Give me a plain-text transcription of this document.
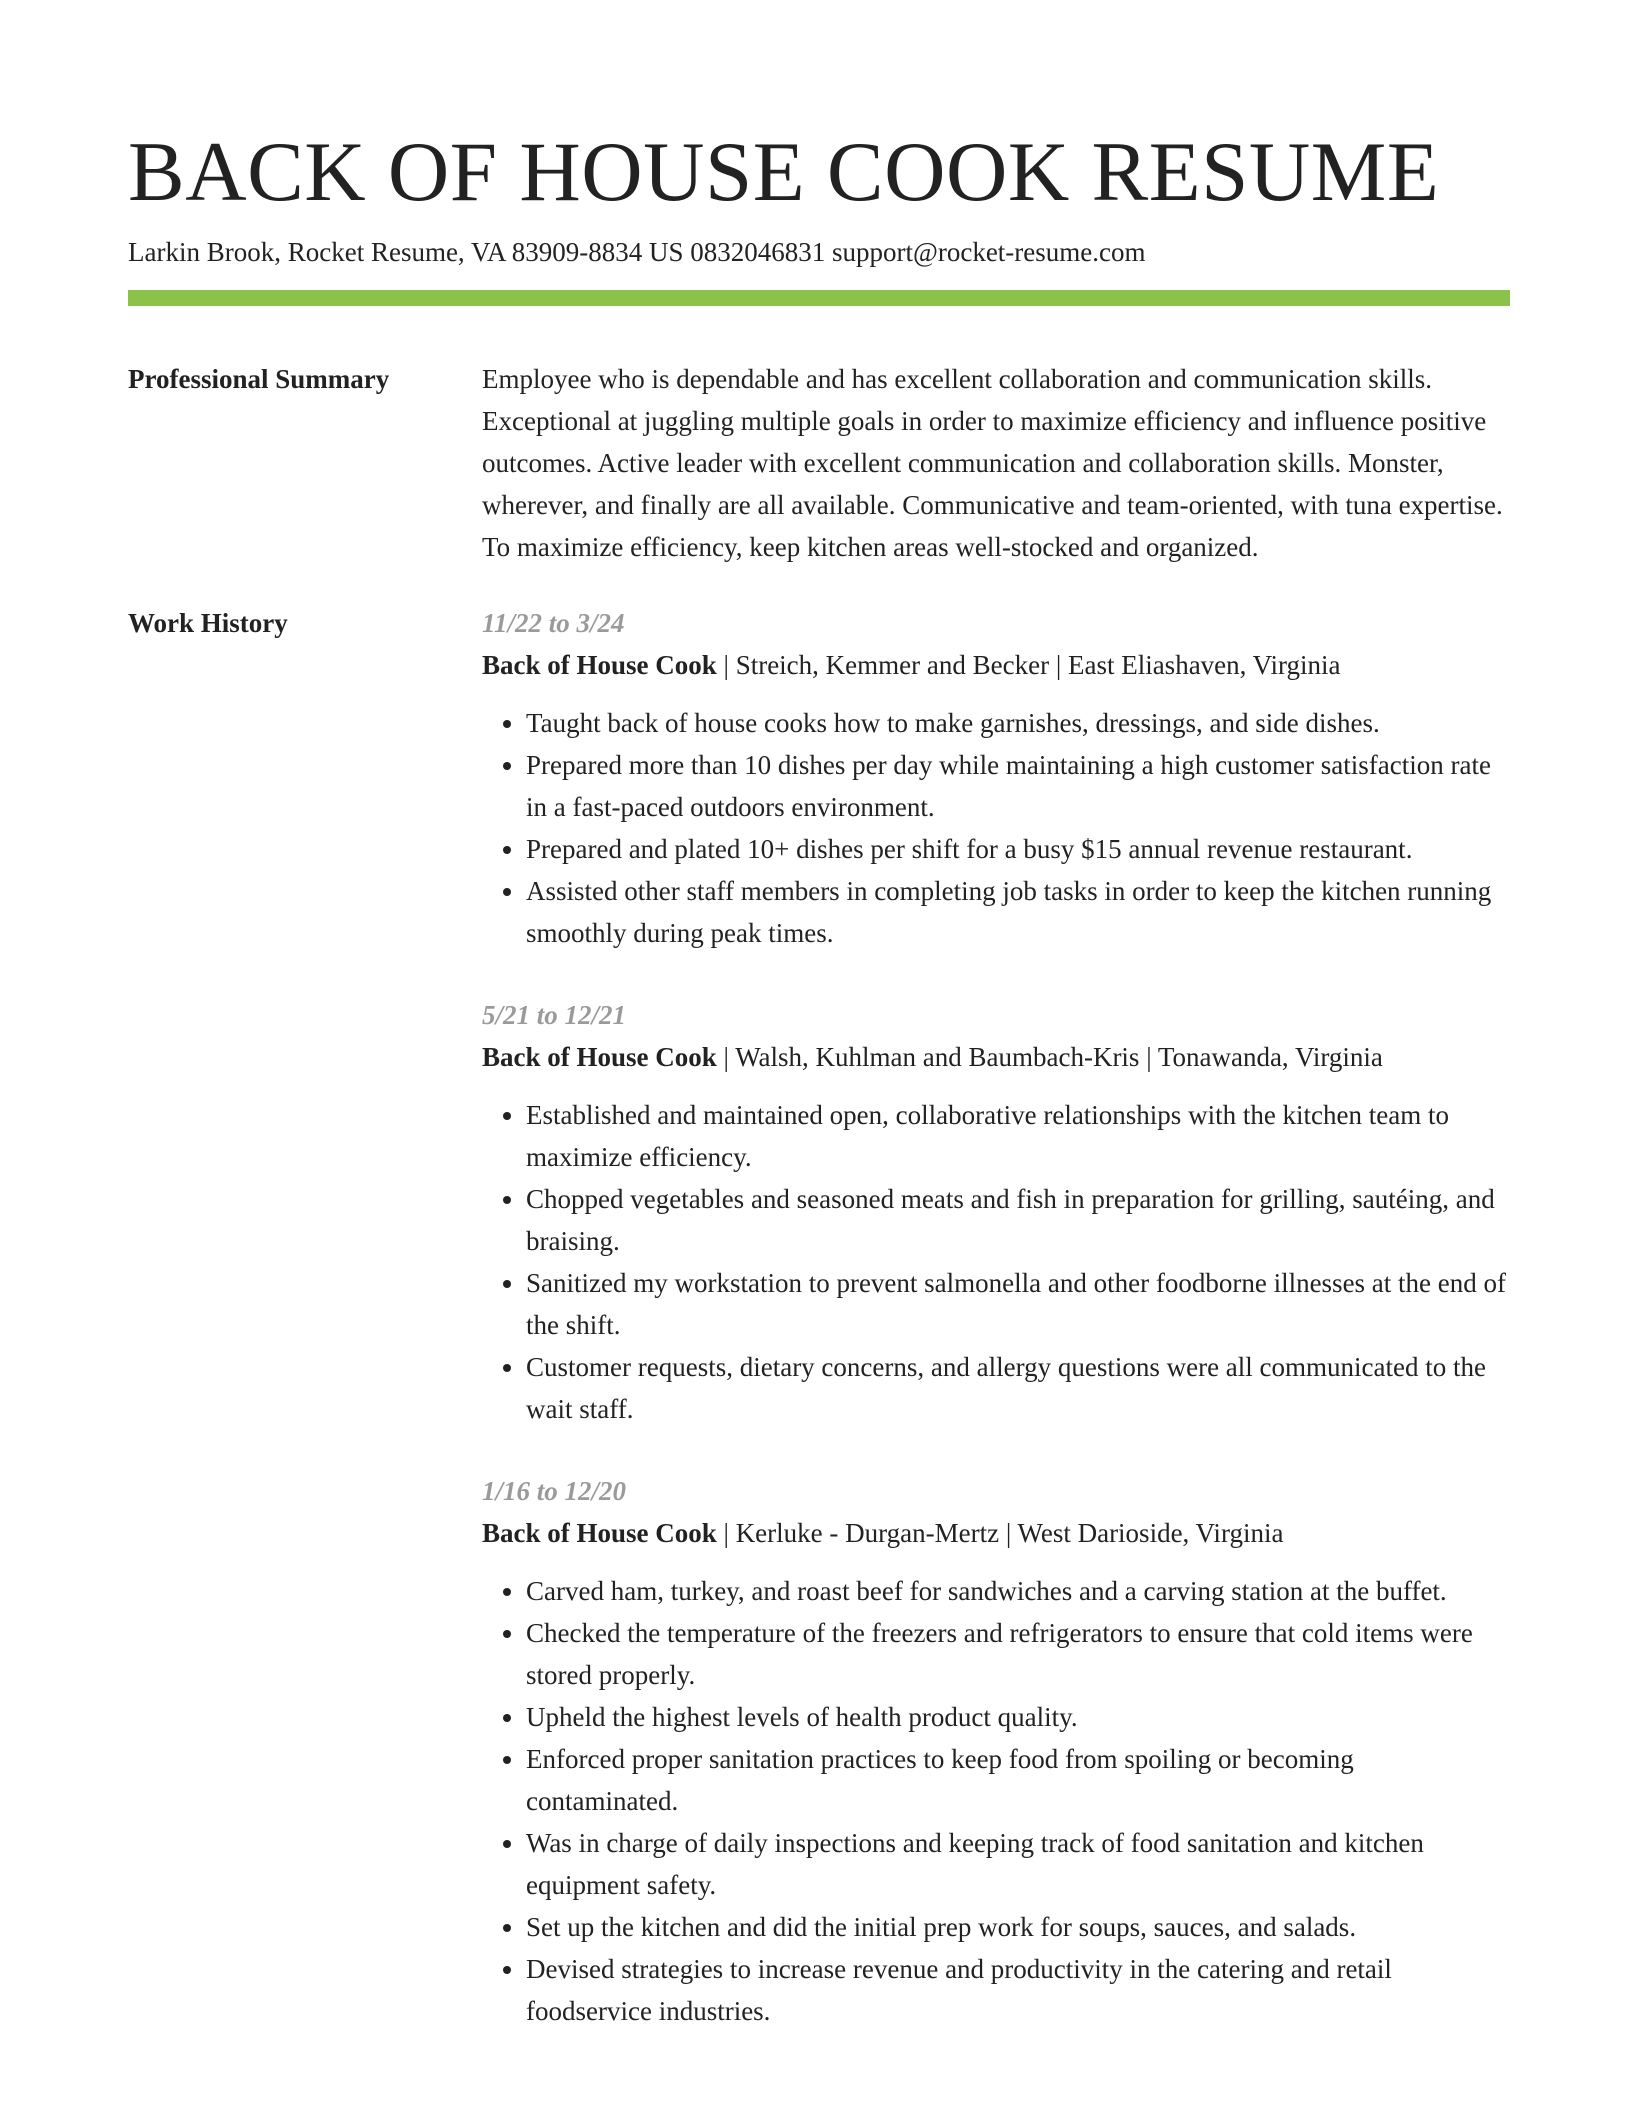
BACK OF HOUSE COOK RESUME
Larkin Brook, Rocket Resume, VA 83909-8834 US 0832046831 support@rocket-resume.com
Professional Summary	Employee who is dependable and has excellent collaboration and communication skills. Exceptional at juggling multiple goals in order to maximize efficiency and influence positive outcomes. Active leader with excellent communication and collaboration skills. Monster, wherever, and finally are all available. Communicative and team-oriented, with tuna expertise. To maximize efficiency, keep kitchen areas well-stocked and organized.

Work History	11/22 to 3/24
Back of House Cook | Streich, Kemmer and Becker | East Eliashaven, Virginia
• Taught back of house cooks how to make garnishes, dressings, and side dishes.
• Prepared more than 10 dishes per day while maintaining a high customer satisfaction rate in a fast-paced outdoors environment.
• Prepared and plated 10+ dishes per shift for a busy $15 annual revenue restaurant.
• Assisted other staff members in completing job tasks in order to keep the kitchen running smoothly during peak times.
5/21 to 12/21
Back of House Cook | Walsh, Kuhlman and Baumbach-Kris | Tonawanda, Virginia
• Established and maintained open, collaborative relationships with the kitchen team to maximize efficiency.
• Chopped vegetables and seasoned meats and fish in preparation for grilling, sautéing, and braising.
• Sanitized my workstation to prevent salmonella and other foodborne illnesses at the end of the shift.
• Customer requests, dietary concerns, and allergy questions were all communicated to the wait staff.
1/16 to 12/20
Back of House Cook | Kerluke - Durgan-Mertz | West Darioside, Virginia
• Carved ham, turkey, and roast beef for sandwiches and a carving station at the buffet.
• Checked the temperature of the freezers and refrigerators to ensure that cold items were stored properly.
• Upheld the highest levels of health product quality.
• Enforced proper sanitation practices to keep food from spoiling or becoming contaminated.
• Was in charge of daily inspections and keeping track of food sanitation and kitchen equipment safety.
• Set up the kitchen and did the initial prep work for soups, sauces, and salads.
• Devised strategies to increase revenue and productivity in the catering and retail foodservice industries.
